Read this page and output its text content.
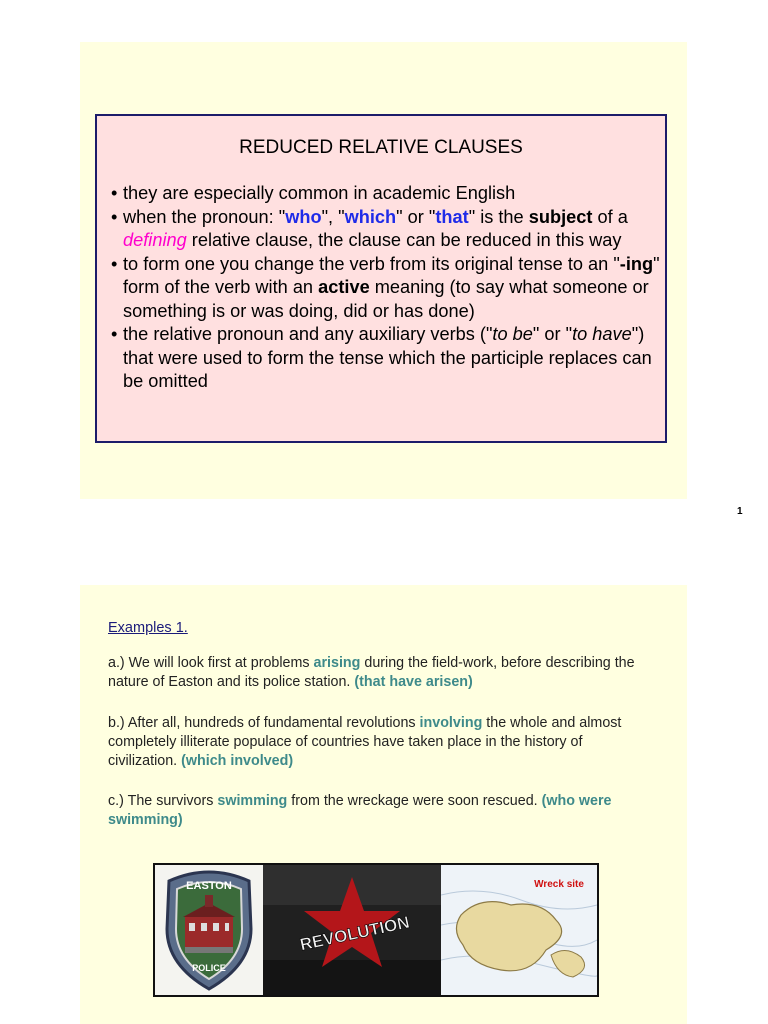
REDUCED RELATIVE CLAUSES
• they are especially common in academic English
• when the pronoun: "who", "which" or "that" is the subject of a defining relative clause, the clause can be reduced in this way
• to form one you change the verb from its original tense to an "-ing" form of the verb with an active meaning (to say what someone or something is or was doing, did or has done)
• the relative pronoun and any auxiliary verbs ("to be" or "to have") that were used to form the tense which the participle replaces can be omitted
1
Examples 1.

a.) We will look first at problems arising during the field-work, before describing the nature of Easton and its police station. (that have arisen)

b.) After all, hundreds of fundamental revolutions involving the whole and almost completely illiterate populace of countries have taken place in the history of civilization. (which involved)

c.) The survivors swimming from the wreckage were soon rescued. (who were swimming)

EASTON
POLICE
REVOLUTION
Wreck site
